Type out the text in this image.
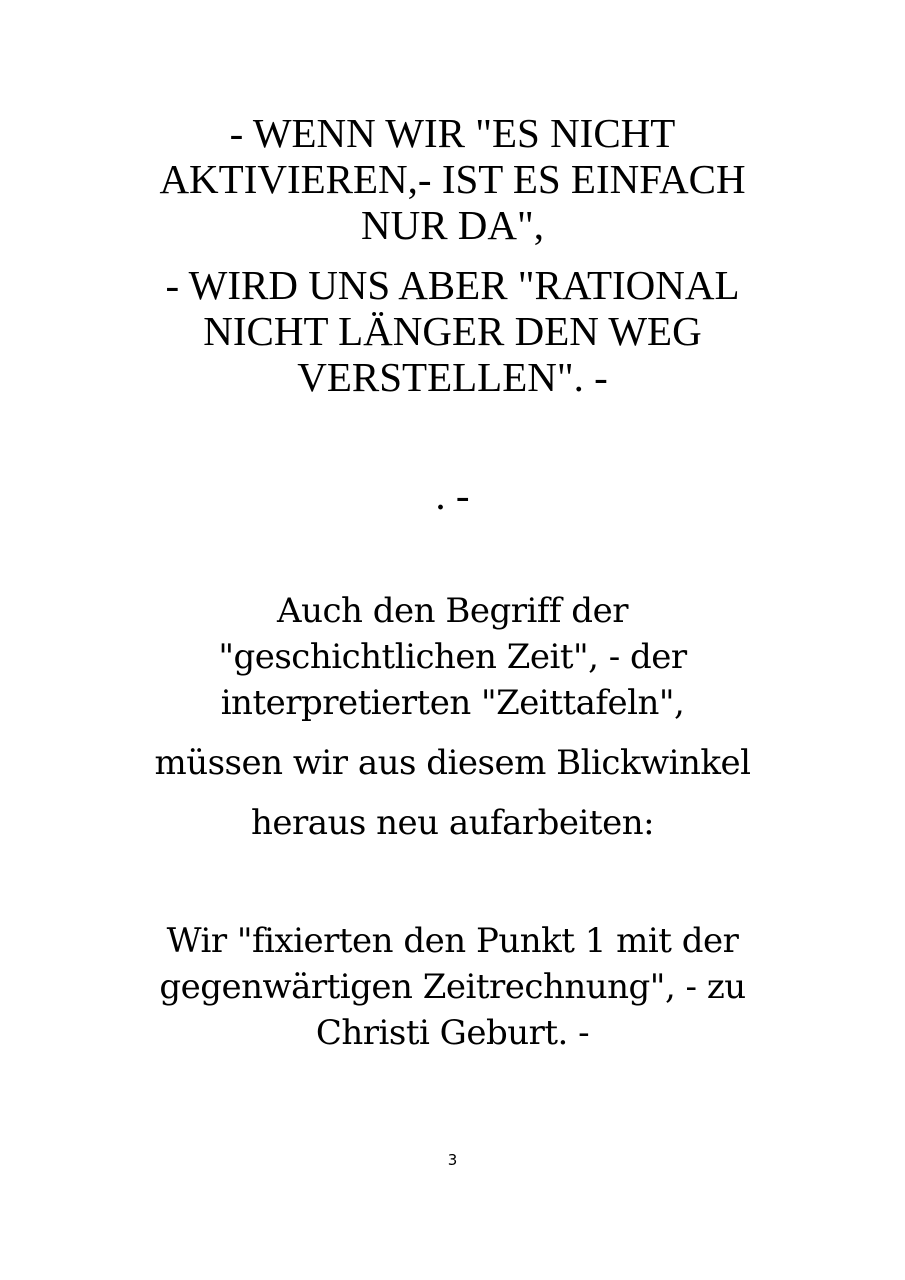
- WENN WIR "ES NICHT
AKTIVIEREN,- IST ES EINFACH
NUR DA",
- WIRD UNS ABER "RATIONAL
NICHT LÄNGER DEN WEG
VERSTELLEN". -
. -
Auch den Begriff der
"geschichtlichen Zeit", - der
interpretierten "Zeittafeln",
müssen wir aus diesem Blickwinkel
heraus neu aufarbeiten:
Wir "fixierten den Punkt 1 mit der
gegenwärtigen Zeitrechnung", - zu
Christi Geburt. -
3
